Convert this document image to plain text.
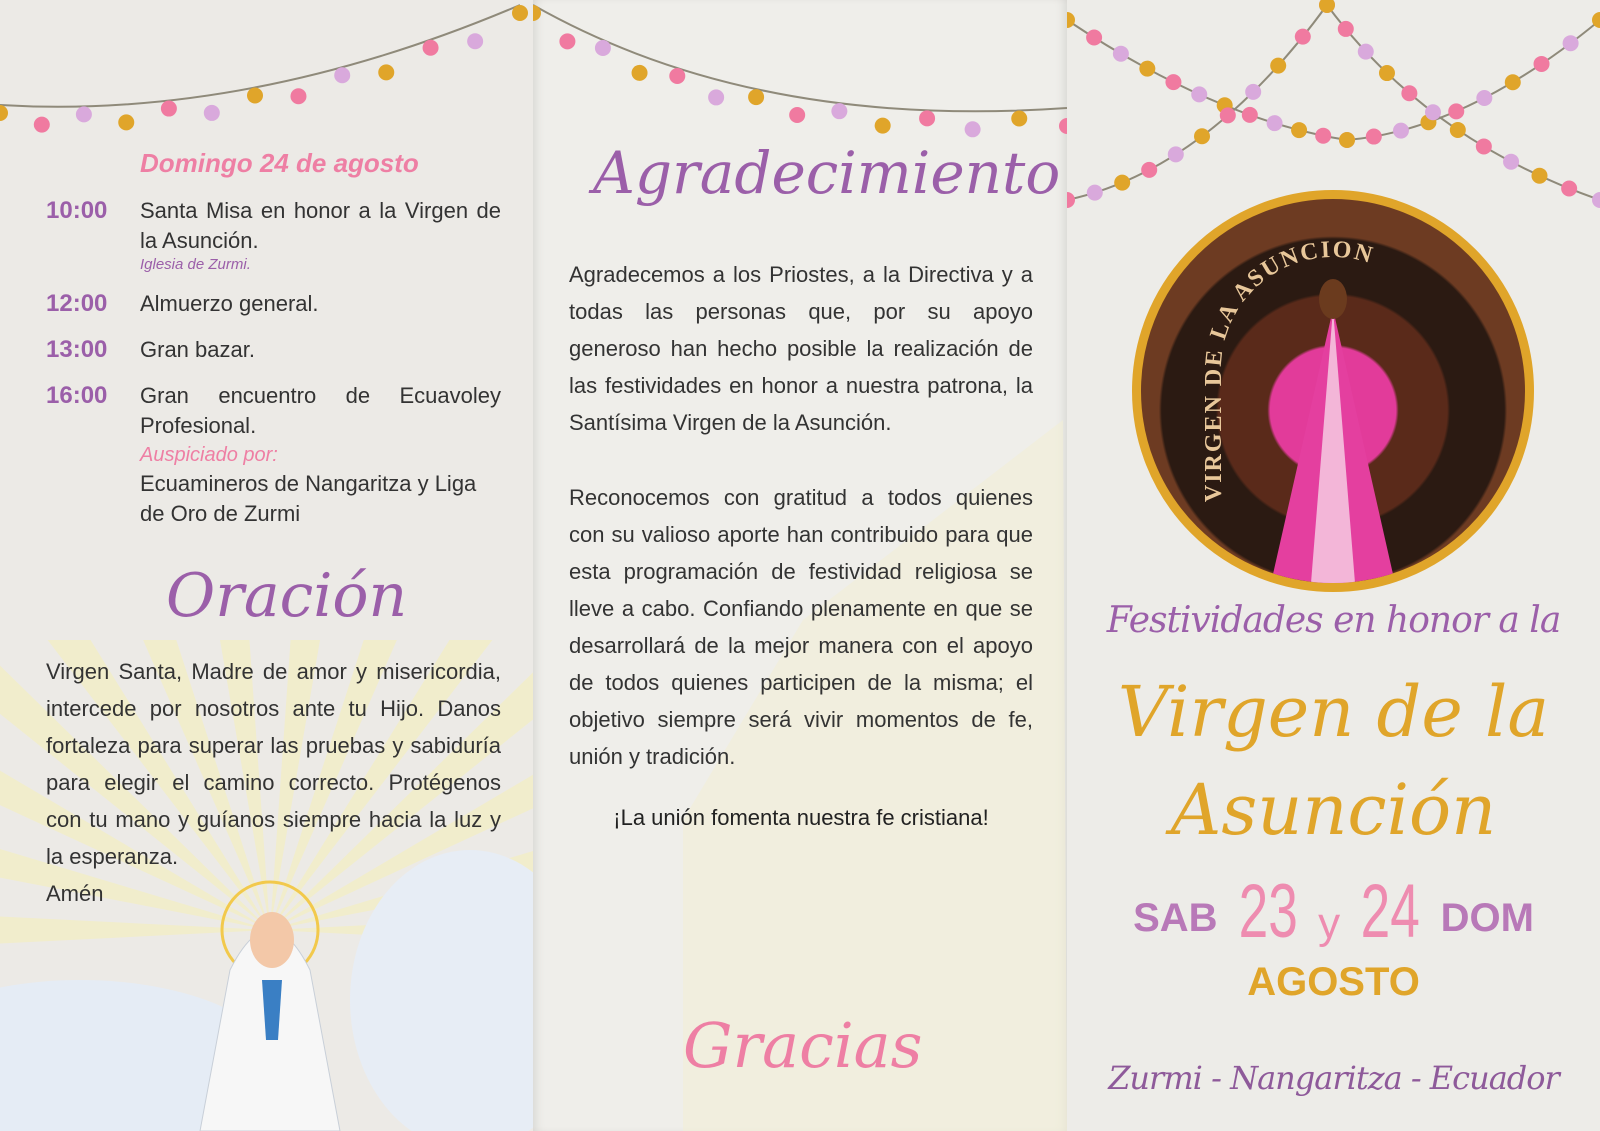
Domingo 24 de agosto
10:00	Santa Misa en honor a la Virgen de la Asunción.
Iglesia de Zurmi.
12:00	Almuerzo general.
13:00	Gran bazar.
16:00	Gran encuentro de Ecuavoley Profesional.
Auspiciado por:
Ecuamineros de Nangaritza y Liga de Oro de Zurmi
Oración
Virgen Santa, Madre de amor y misericordia, intercede por nosotros ante tu Hijo. Danos fortaleza para superar las pruebas y sabiduría para elegir el camino correcto. Protégenos con tu mano y guíanos siempre hacia la luz y la esperanza.
Amén
Agradecimiento
Agradecemos a los Priostes, a la Directiva y a todas las personas que, por su apoyo generoso han hecho posible la realización de las festividades en honor a nuestra patrona, la Santísima Virgen de la Asunción.
Reconocemos con gratitud a todos quienes con su valioso aporte han contribuido para que esta programación de festividad religiosa se lleve a cabo. Confiando plenamente en que se desarrollará de la mejor manera con el apoyo de todos quienes participen de la misma; el objetivo siempre será vivir momentos de fe, unión y tradición.
¡La unión fomenta nuestra fe cristiana!
Gracias
VIRGEN DE LA ASUNCION
Festividades en honor a la
Virgen de la
Asunción
SAB 23 y 24 DOM
AGOSTO
Zurmi - Nangaritza - Ecuador
